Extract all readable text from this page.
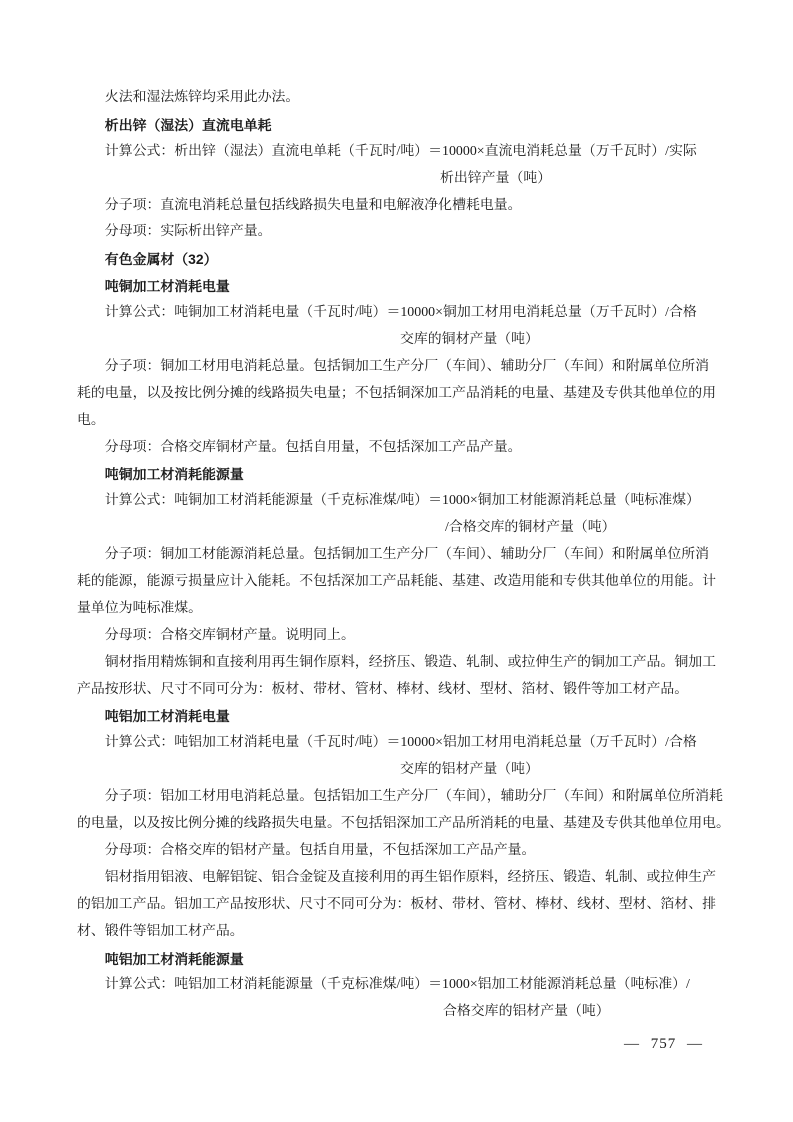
火法和湿法炼锌均采用此办法。
析出锌（湿法）直流电单耗
计算公式：析出锌（湿法）直流电单耗（千瓦时/吨）＝10000×直流电消耗总量（万千瓦时）/实际
析出锌产量（吨）
分子项：直流电消耗总量包括线路损失电量和电解液净化槽耗电量。
分母项：实际析出锌产量。
有色金属材（32）
吨铜加工材消耗电量
计算公式：吨铜加工材消耗电量（千瓦时/吨）＝10000×铜加工材用电消耗总量（万千瓦时）/合格
交库的铜材产量（吨）
分子项：铜加工材用电消耗总量。包括铜加工生产分厂（车间）、辅助分厂（车间）和附属单位所消
耗的电量，以及按比例分摊的线路损失电量；不包括铜深加工产品消耗的电量、基建及专供其他单位的用
电。
分母项：合格交库铜材产量。包括自用量，不包括深加工产品产量。
吨铜加工材消耗能源量
计算公式：吨铜加工材消耗能源量（千克标准煤/吨）＝1000×铜加工材能源消耗总量（吨标准煤）
/合格交库的铜材产量（吨）
分子项：铜加工材能源消耗总量。包括铜加工生产分厂（车间）、辅助分厂（车间）和附属单位所消
耗的能源，能源亏损量应计入能耗。不包括深加工产品耗能、基建、改造用能和专供其他单位的用能。计
量单位为吨标准煤。
分母项：合格交库铜材产量。说明同上。
铜材指用精炼铜和直接利用再生铜作原料，经挤压、锻造、轧制、或拉伸生产的铜加工产品。铜加工
产品按形状、尺寸不同可分为：板材、带材、管材、棒材、线材、型材、箔材、锻件等加工材产品。
吨铝加工材消耗电量
计算公式：吨铝加工材消耗电量（千瓦时/吨）＝10000×铝加工材用电消耗总量（万千瓦时）/合格
交库的铝材产量（吨）
分子项：铝加工材用电消耗总量。包括铝加工生产分厂（车间），辅助分厂（车间）和附属单位所消耗
的电量，以及按比例分摊的线路损失电量。不包括铝深加工产品所消耗的电量、基建及专供其他单位用电。
分母项：合格交库的铝材产量。包括自用量，不包括深加工产品产量。
铝材指用铝液、电解铝锭、铝合金锭及直接利用的再生铝作原料，经挤压、锻造、轧制、或拉伸生产
的铝加工产品。铝加工产品按形状、尺寸不同可分为：板材、带材、管材、棒材、线材、型材、箔材、排
材、锻件等铝加工材产品。
吨铝加工材消耗能源量
计算公式：吨铝加工材消耗能源量（千克标准煤/吨）＝1000×铝加工材能源消耗总量（吨标准）/
合格交库的铝材产量（吨）
— 757 —
